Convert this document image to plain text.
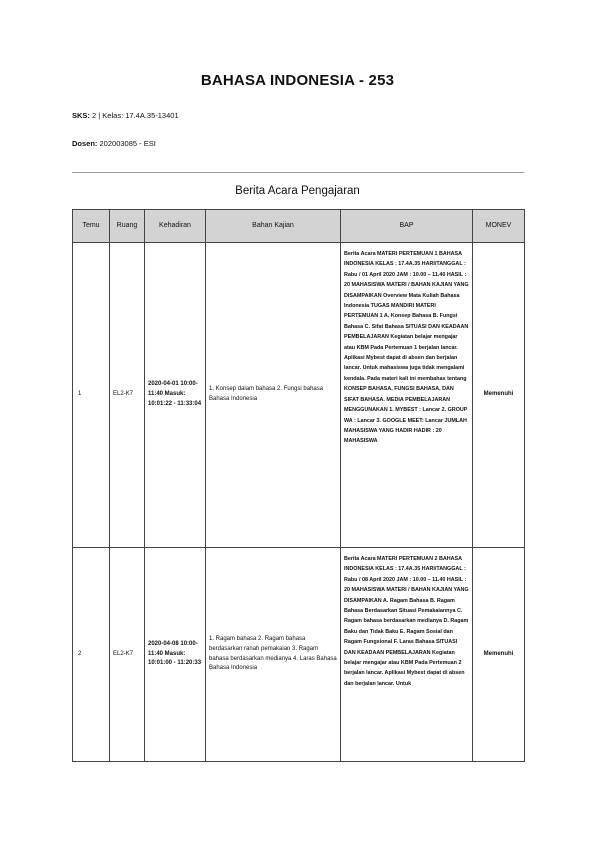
BAHASA INDONESIA - 253
SKS: 2 | Kelas: 17.4A.35-13401
Dosen: 202003085 - ESI
Berita Acara Pengajaran
Temu	Ruang	Kehadiran	Bahan Kajian	BAP	MONEV
1	EL2-K7	2020-04-01 10:00-11:40 Masuk: 10:01:22 - 11:33:04	1. Konsep dalam bahasa 2. Fungsi bahasa Bahasa Indonesia	Berita Acara MATERI PERTEMUAN 1 BAHASA INDONESIA KELAS : 17.4A.35 HARI/TANGGAL : Rabu / 01 April 2020 JAM : 10.00 – 11.40 HASIL : 20 MAHASISWA MATERI / BAHAN KAJIAN YANG DISAMPAIKAN Overview Mata Kuliah Bahasa Indonesia TUGAS MANDIRI MATERI PERTEMUAN 1 A. Konsep Bahasa B. Fungsi Bahasa C. Sifat Bahasa SITUASI DAN KEADAAN PEMBELAJARAN Kegiatan belajar mengajar atau KBM Pada Pertemuan 1 berjalan lancar. Aplikasi Mybest dapat di absen dan berjalan lancar. Untuk mahasiswa juga tidak mengalami kendala. Pada materi kali ini membahas tentang KONSEP BAHASA, FUNGSI BAHASA, DAN SIFAT BAHASA. MEDIA PEMBELAJARAN MENGGUNAKAN 1. MYBEST : Lancar 2. GROUP WA : Lancar 3. GOOGLE MEET: Lancar JUMLAH MAHASISWA YANG HADIR HADIR : 20 MAHASISWA	Memenuhi
2	EL2-K7	2020-04-08 10:00-11:40 Masuk: 10:01:00 - 11:20:33	1. Ragam bahasa 2. Ragam bahasa berdasarkan ranah pemakaian 3. Ragam bahasa berdasarkan medianya 4. Laras Bahasa Bahasa Indonesia	Berita Acara MATERI PERTEMUAN 2 BAHASA INDONESIA KELAS : 17.4A.35 HARI/TANGGAL : Rabu / 08 April 2020 JAM : 10.00 – 11.40 HASIL : 20 MAHASISWA MATERI / BAHAN KAJIAN YANG DISAMPAIKAN A. Ragam Bahasa B. Ragam Bahasa Berdasarkan Situasi Pemakaiannya C. Ragam bahasa berdasarkan medianya D. Ragam Baku dan Tidak Baku E. Ragam Sosial dan Ragam Fungsional F. Laras Bahasa SITUASI DAN KEADAAN PEMBELAJARAN Kegiatan belajar mengajar atau KBM Pada Pertemuan 2 berjalan lancar. Aplikasi Mybest dapat di absen dan berjalan lancar. Untuk	Memenuhi
